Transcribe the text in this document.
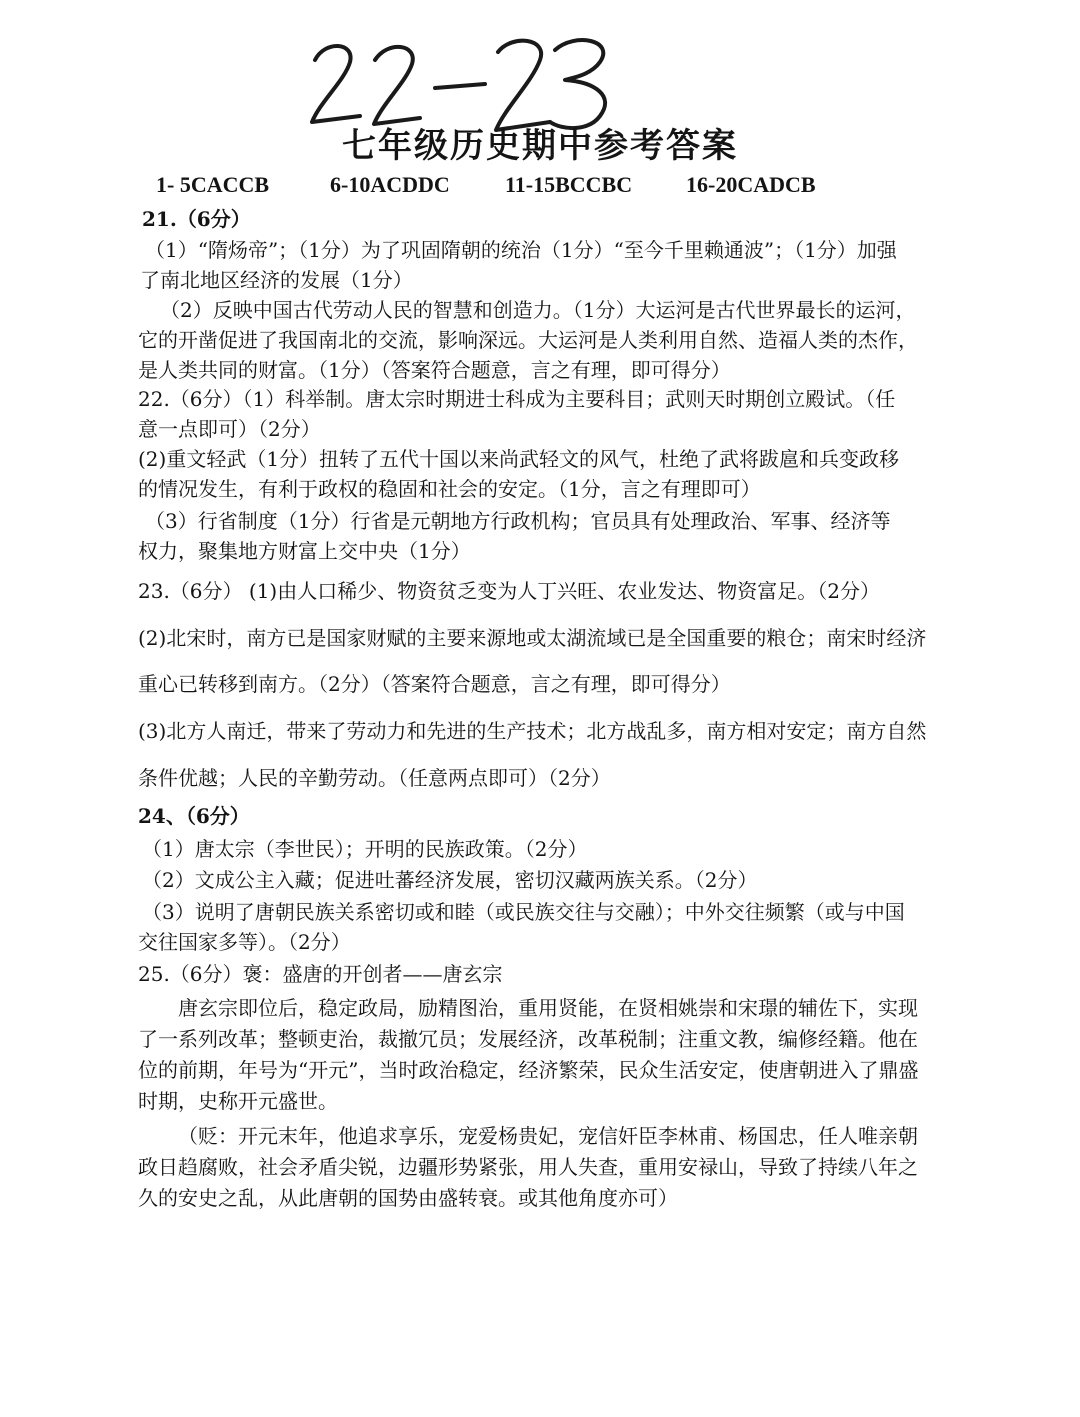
七年级历史期中参考答案
1- 5CACCB	6-10ACDDC	11-15BCCBC 16-20CADCB
21.（6分）
（1）“隋炀帝”；（1分）为了巩固隋朝的统治（1分）“至今千里赖通波”；（1分）加强
了南北地区经济的发展（1分）
（2）反映中国古代劳动人民的智慧和创造力。（1分）大运河是古代世界最长的运河，
它的开凿促进了我国南北的交流，影响深远。大运河是人类利用自然、造福人类的杰作，
是人类共同的财富。（1分）（答案符合题意，言之有理，即可得分）
22.（6分）（1）科举制。唐太宗时期进士科成为主要科目；武则天时期创立殿试。（任
意一点即可）（2分）
(2)重文轻武（1分）扭转了五代十国以来尚武轻文的风气，杜绝了武将跋扈和兵变政移
的情况发生，有利于政权的稳固和社会的安定。（1分，言之有理即可）
（3）行省制度（1分）行省是元朝地方行政机构；官员具有处理政治、军事、经济等
权力，聚集地方财富上交中央（1分）
23.（6分） (1)由人口稀少、物资贫乏变为人丁兴旺、农业发达、物资富足。（2分）
(2)北宋时，南方已是国家财赋的主要来源地或太湖流域已是全国重要的粮仓；南宋时经济
重心已转移到南方。（2分）（答案符合题意，言之有理，即可得分）
(3)北方人南迁，带来了劳动力和先进的生产技术；北方战乱多，南方相对安定；南方自然
条件优越；人民的辛勤劳动。（任意两点即可）（2分）
24、（6分）
（1）唐太宗（李世民）；开明的民族政策。（2分）
（2）文成公主入藏；促进吐蕃经济发展，密切汉藏两族关系。（2分）
（3）说明了唐朝民族关系密切或和睦（或民族交往与交融）；中外交往频繁（或与中国
交往国家多等）。（2分）
25.（6分）褒：盛唐的开创者——唐玄宗
唐玄宗即位后，稳定政局，励精图治，重用贤能，在贤相姚崇和宋璟的辅佐下，实现
了一系列改革；整顿吏治，裁撤冗员；发展经济，改革税制；注重文教，编修经籍。他在
位的前期，年号为“开元”，当时政治稳定，经济繁荣，民众生活安定，使唐朝进入了鼎盛
时期，史称开元盛世。
（贬：开元末年，他追求享乐，宠爱杨贵妃，宠信奸臣李林甫、杨国忠，任人唯亲朝
政日趋腐败，社会矛盾尖锐，边疆形势紧张，用人失查，重用安禄山，导致了持续八年之
久的安史之乱，从此唐朝的国势由盛转衰。或其他角度亦可）
